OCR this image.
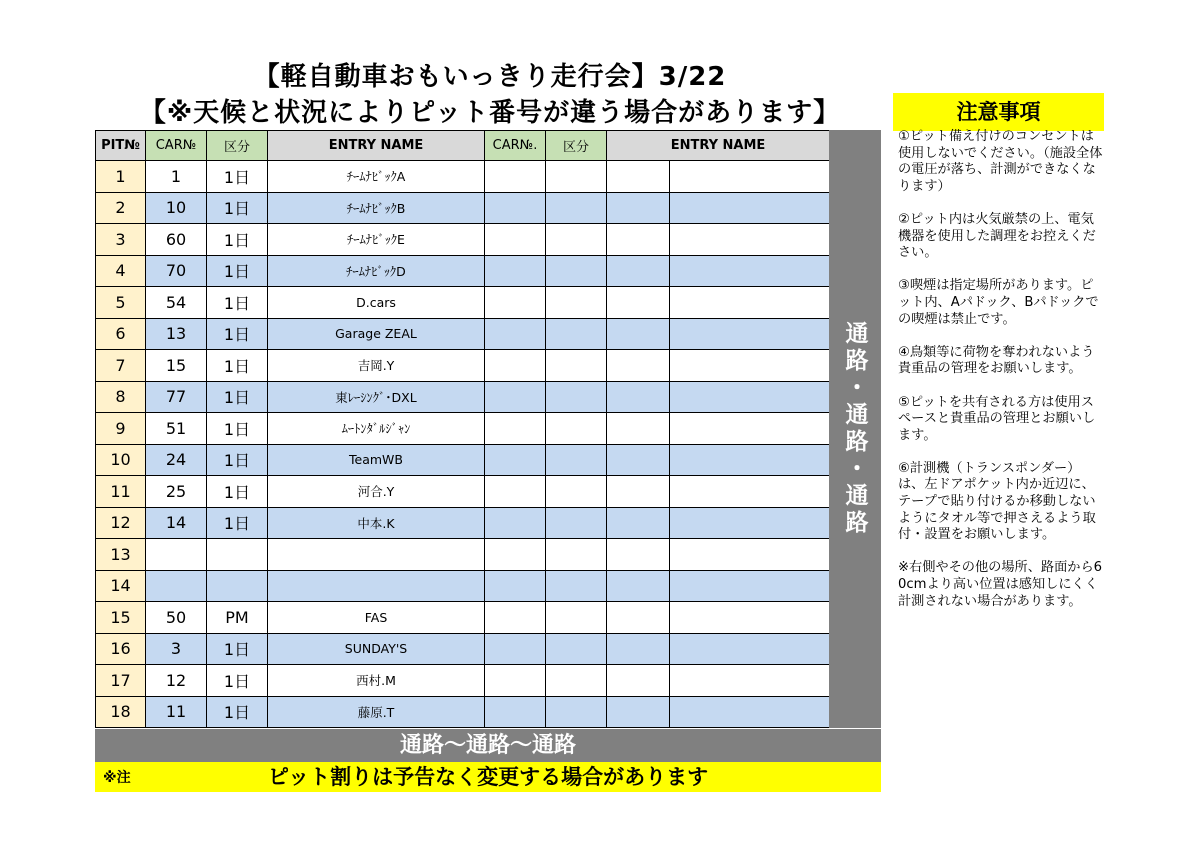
【軽自動車おもいっきり走行会】3/22
【※天候と状況によりピット番号が違う場合があります】
PIT№	CAR№	区分	ENTRY NAME	CAR№.	区分	ENTRY NAME	
1	1	1日	ﾁｰﾑﾅﾋﾞｯｸA				
2	10	1日	ﾁｰﾑﾅﾋﾞｯｸB				
3	60	1日	ﾁｰﾑﾅﾋﾞｯｸE				
4	70	1日	ﾁｰﾑﾅﾋﾞｯｸD				
5	54	1日	D.cars				
6	13	1日	Garage ZEAL				
7	15	1日	吉岡.Y				
8	77	1日	東ﾚｰｼﾝｸﾞ･DXL				
9	51	1日	ﾑｰﾄﾝﾀﾞﾙｼﾞｬﾝ				
10	24	1日	TeamWB				
11	25	1日	河合.Y				
12	14	1日	中本.K				
13							
14							
15	50	PM	FAS				
16	3	1日	SUNDAY'S				
17	12	1日	西村.M				
18	11	1日	藤原.T				
通路・通路・通路
通路〜通路〜通路
ピット割りは予告なく変更する場合があります
※注
注意事項

①ピット備え付けのコンセントは使用しないでください。（施設全体の電圧が落ち、計測ができなくなります）

②ピット内は火気厳禁の上、電気機器を使用した調理をお控えください。

③喫煙は指定場所があります。ピット内、Aパドック、Bパドックでの喫煙は禁止です。

④鳥類等に荷物を奪われないよう貴重品の管理をお願いします。

⑤ピットを共有される方は使用スペースと貴重品の管理とお願いします。

⑥計測機（トランスポンダー）は、左ドアポケット内か近辺に、テープで貼り付けるか移動しないようにタオル等で押さえるよう取付・設置をお願いします。

※右側やその他の場所、路面から60cmより高い位置は感知しにくく計測されない場合があります。
